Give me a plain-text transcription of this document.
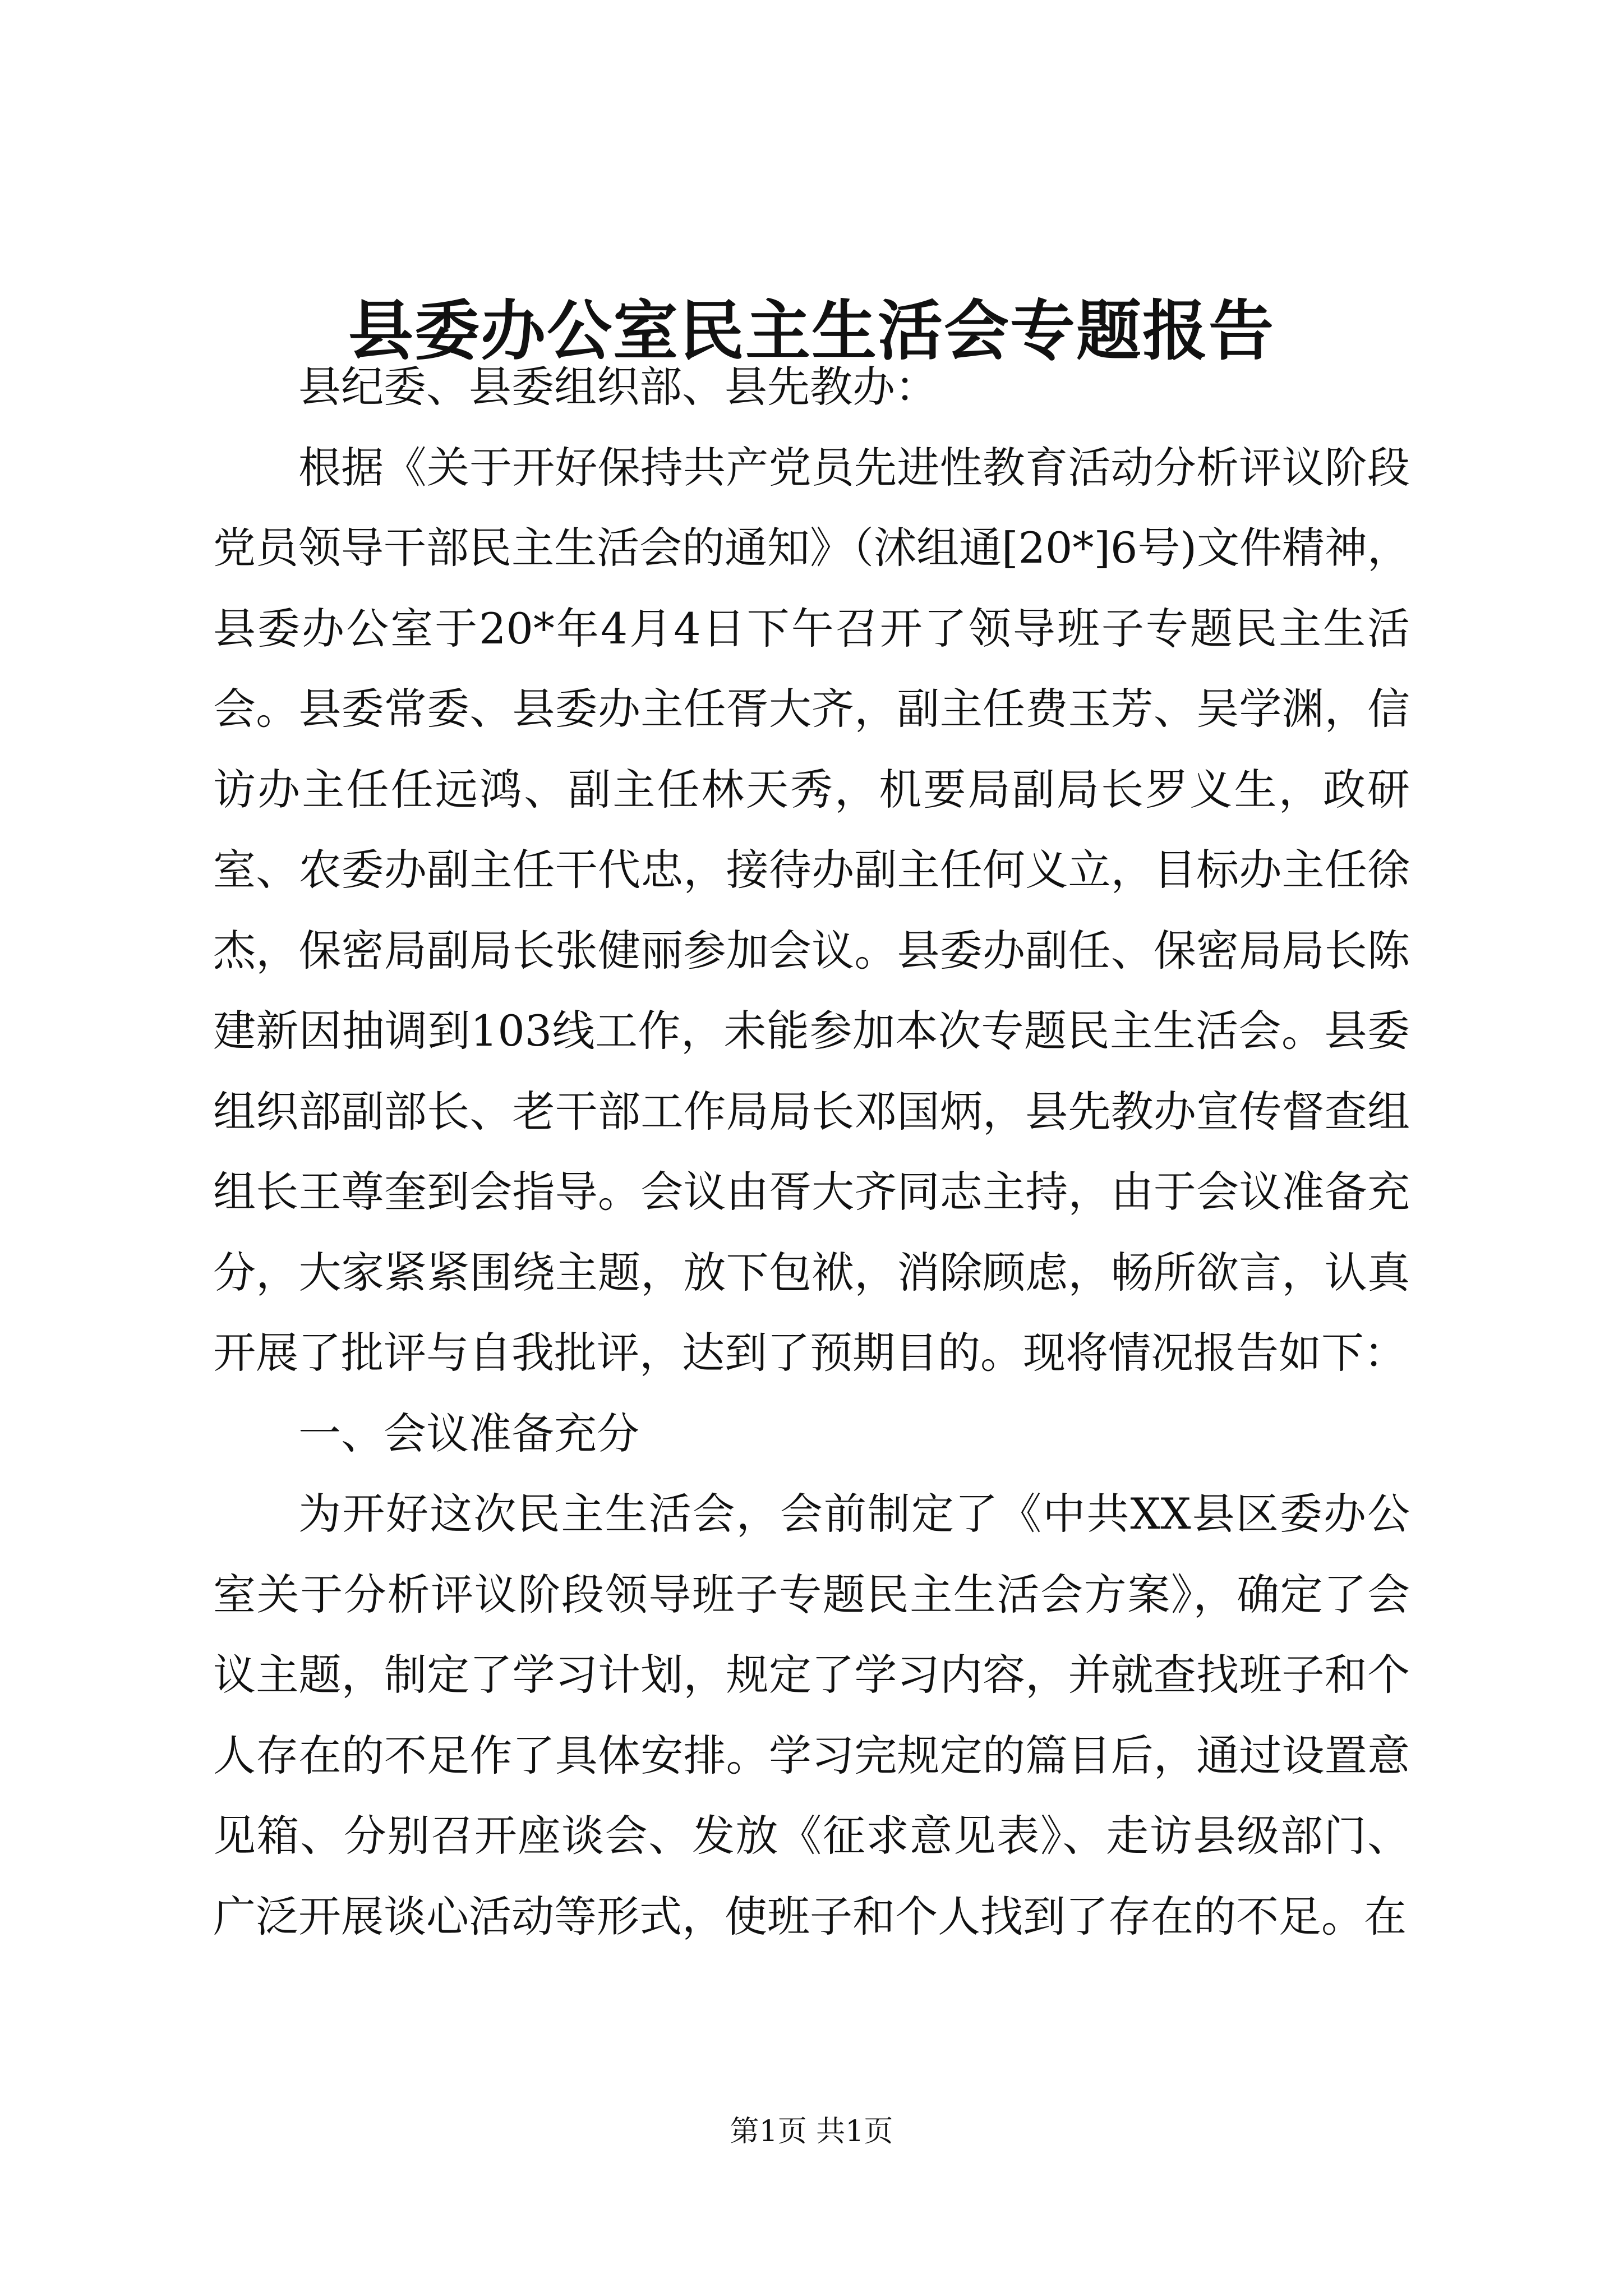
县委办公室民主生活会专题报告

县纪委、县委组织部、县先教办：

根据《关于开好保持共产党员先进性教育活动分析评议阶段党员领导干部民主生活会的通知》（沭组通[20*]6号)文件精神，县委办公室于20*年4月4日下午召开了领导班子专题民主生活会。县委常委、县委办主任胥大齐，副主任费玉芳、吴学渊，信访办主任任远鸿、副主任林天秀，机要局副局长罗义生，政研室、农委办副主任干代忠，接待办副主任何义立，目标办主任徐杰，保密局副局长张健丽参加会议。县委办副任、保密局局长陈建新因抽调到103线工作，未能参加本次专题民主生活会。县委组织部副部长、老干部工作局局长邓国炳，县先教办宣传督查组组长王尊奎到会指导。会议由胥大齐同志主持，由于会议准备充分，大家紧紧围绕主题，放下包袱，消除顾虑，畅所欲言，认真开展了批评与自我批评，达到了预期目的。现将情况报告如下：

一、会议准备充分

为开好这次民主生活会，会前制定了《中共XX县区委办公室关于分析评议阶段领导班子专题民主生活会方案》，确定了会议主题，制定了学习计划，规定了学习内容，并就查找班子和个人存在的不足作了具体安排。学习完规定的篇目后，通过设置意见箱、分别召开座谈会、发放《征求意见表》、走访县级部门、广泛开展谈心活动等形式，使班子和个人找到了存在的不足。在

第1页 共1页
